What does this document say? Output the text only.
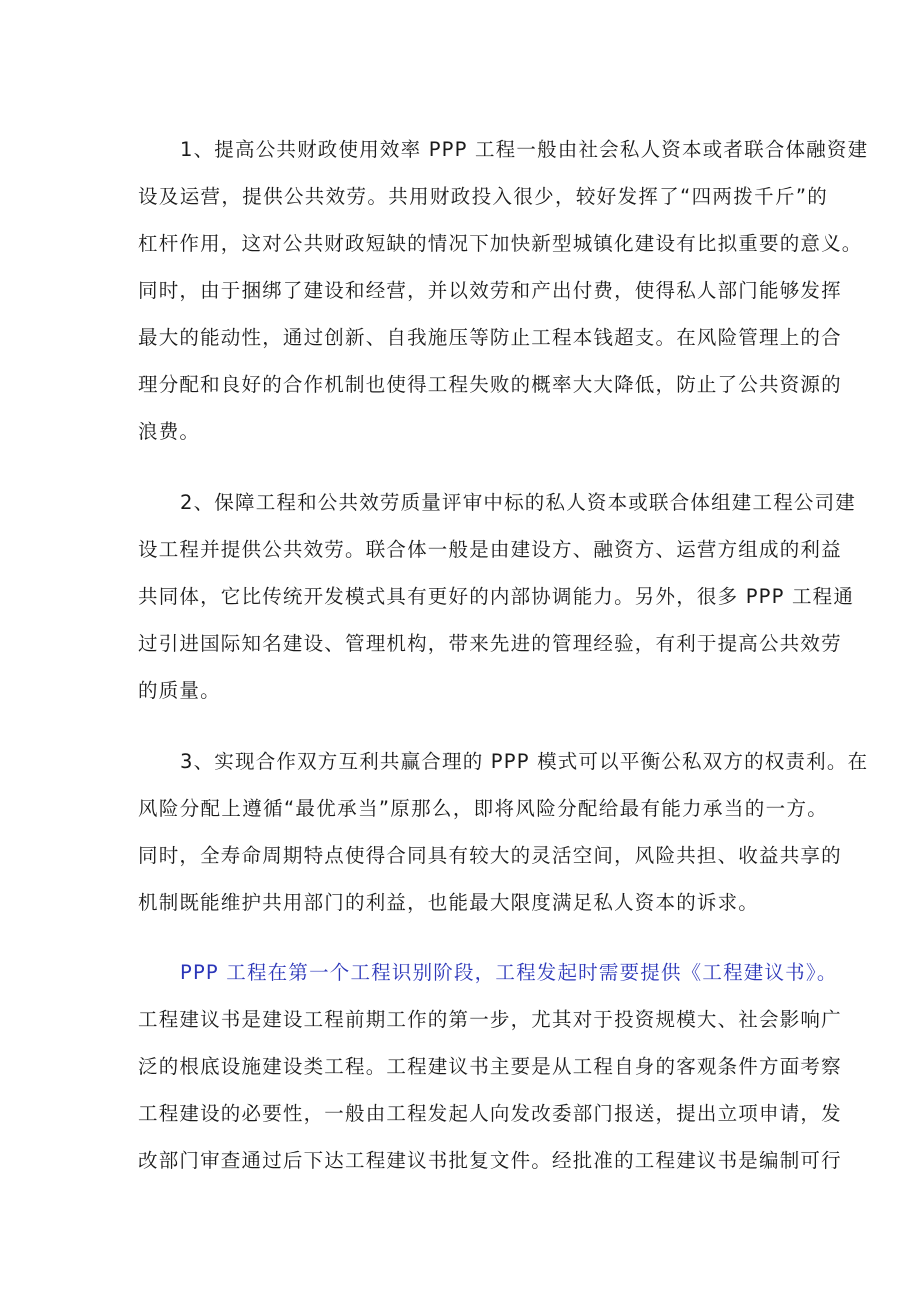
1、提高公共财政使用效率 PPP 工程一般由社会私人资本或者联合体融资建
设及运营，提供公共效劳。共用财政投入很少，较好发挥了“四两拨千斤”的
杠杆作用，这对公共财政短缺的情况下加快新型城镇化建设有比拟重要的意义。
同时，由于捆绑了建设和经营，并以效劳和产出付费，使得私人部门能够发挥
最大的能动性，通过创新、自我施压等防止工程本钱超支。在风险管理上的合
理分配和良好的合作机制也使得工程失败的概率大大降低，防止了公共资源的
浪费。
2、保障工程和公共效劳质量评审中标的私人资本或联合体组建工程公司建
设工程并提供公共效劳。联合体一般是由建设方、融资方、运营方组成的利益
共同体，它比传统开发模式具有更好的内部协调能力。另外，很多 PPP 工程通
过引进国际知名建设、管理机构，带来先进的管理经验，有利于提高公共效劳
的质量。
3、实现合作双方互利共赢合理的 PPP 模式可以平衡公私双方的权责利。在
风险分配上遵循“最优承当”原那么，即将风险分配给最有能力承当的一方。
同时，全寿命周期特点使得合同具有较大的灵活空间，风险共担、收益共享的
机制既能维护共用部门的利益，也能最大限度满足私人资本的诉求。
PPP 工程在第一个工程识别阶段，工程发起时需要提供《工程建议书》。
工程建议书是建设工程前期工作的第一步，尤其对于投资规模大、社会影响广
泛的根底设施建设类工程。工程建议书主要是从工程自身的客观条件方面考察
工程建设的必要性，一般由工程发起人向发改委部门报送，提出立项申请，发
改部门审查通过后下达工程建议书批复文件。经批准的工程建议书是编制可行
